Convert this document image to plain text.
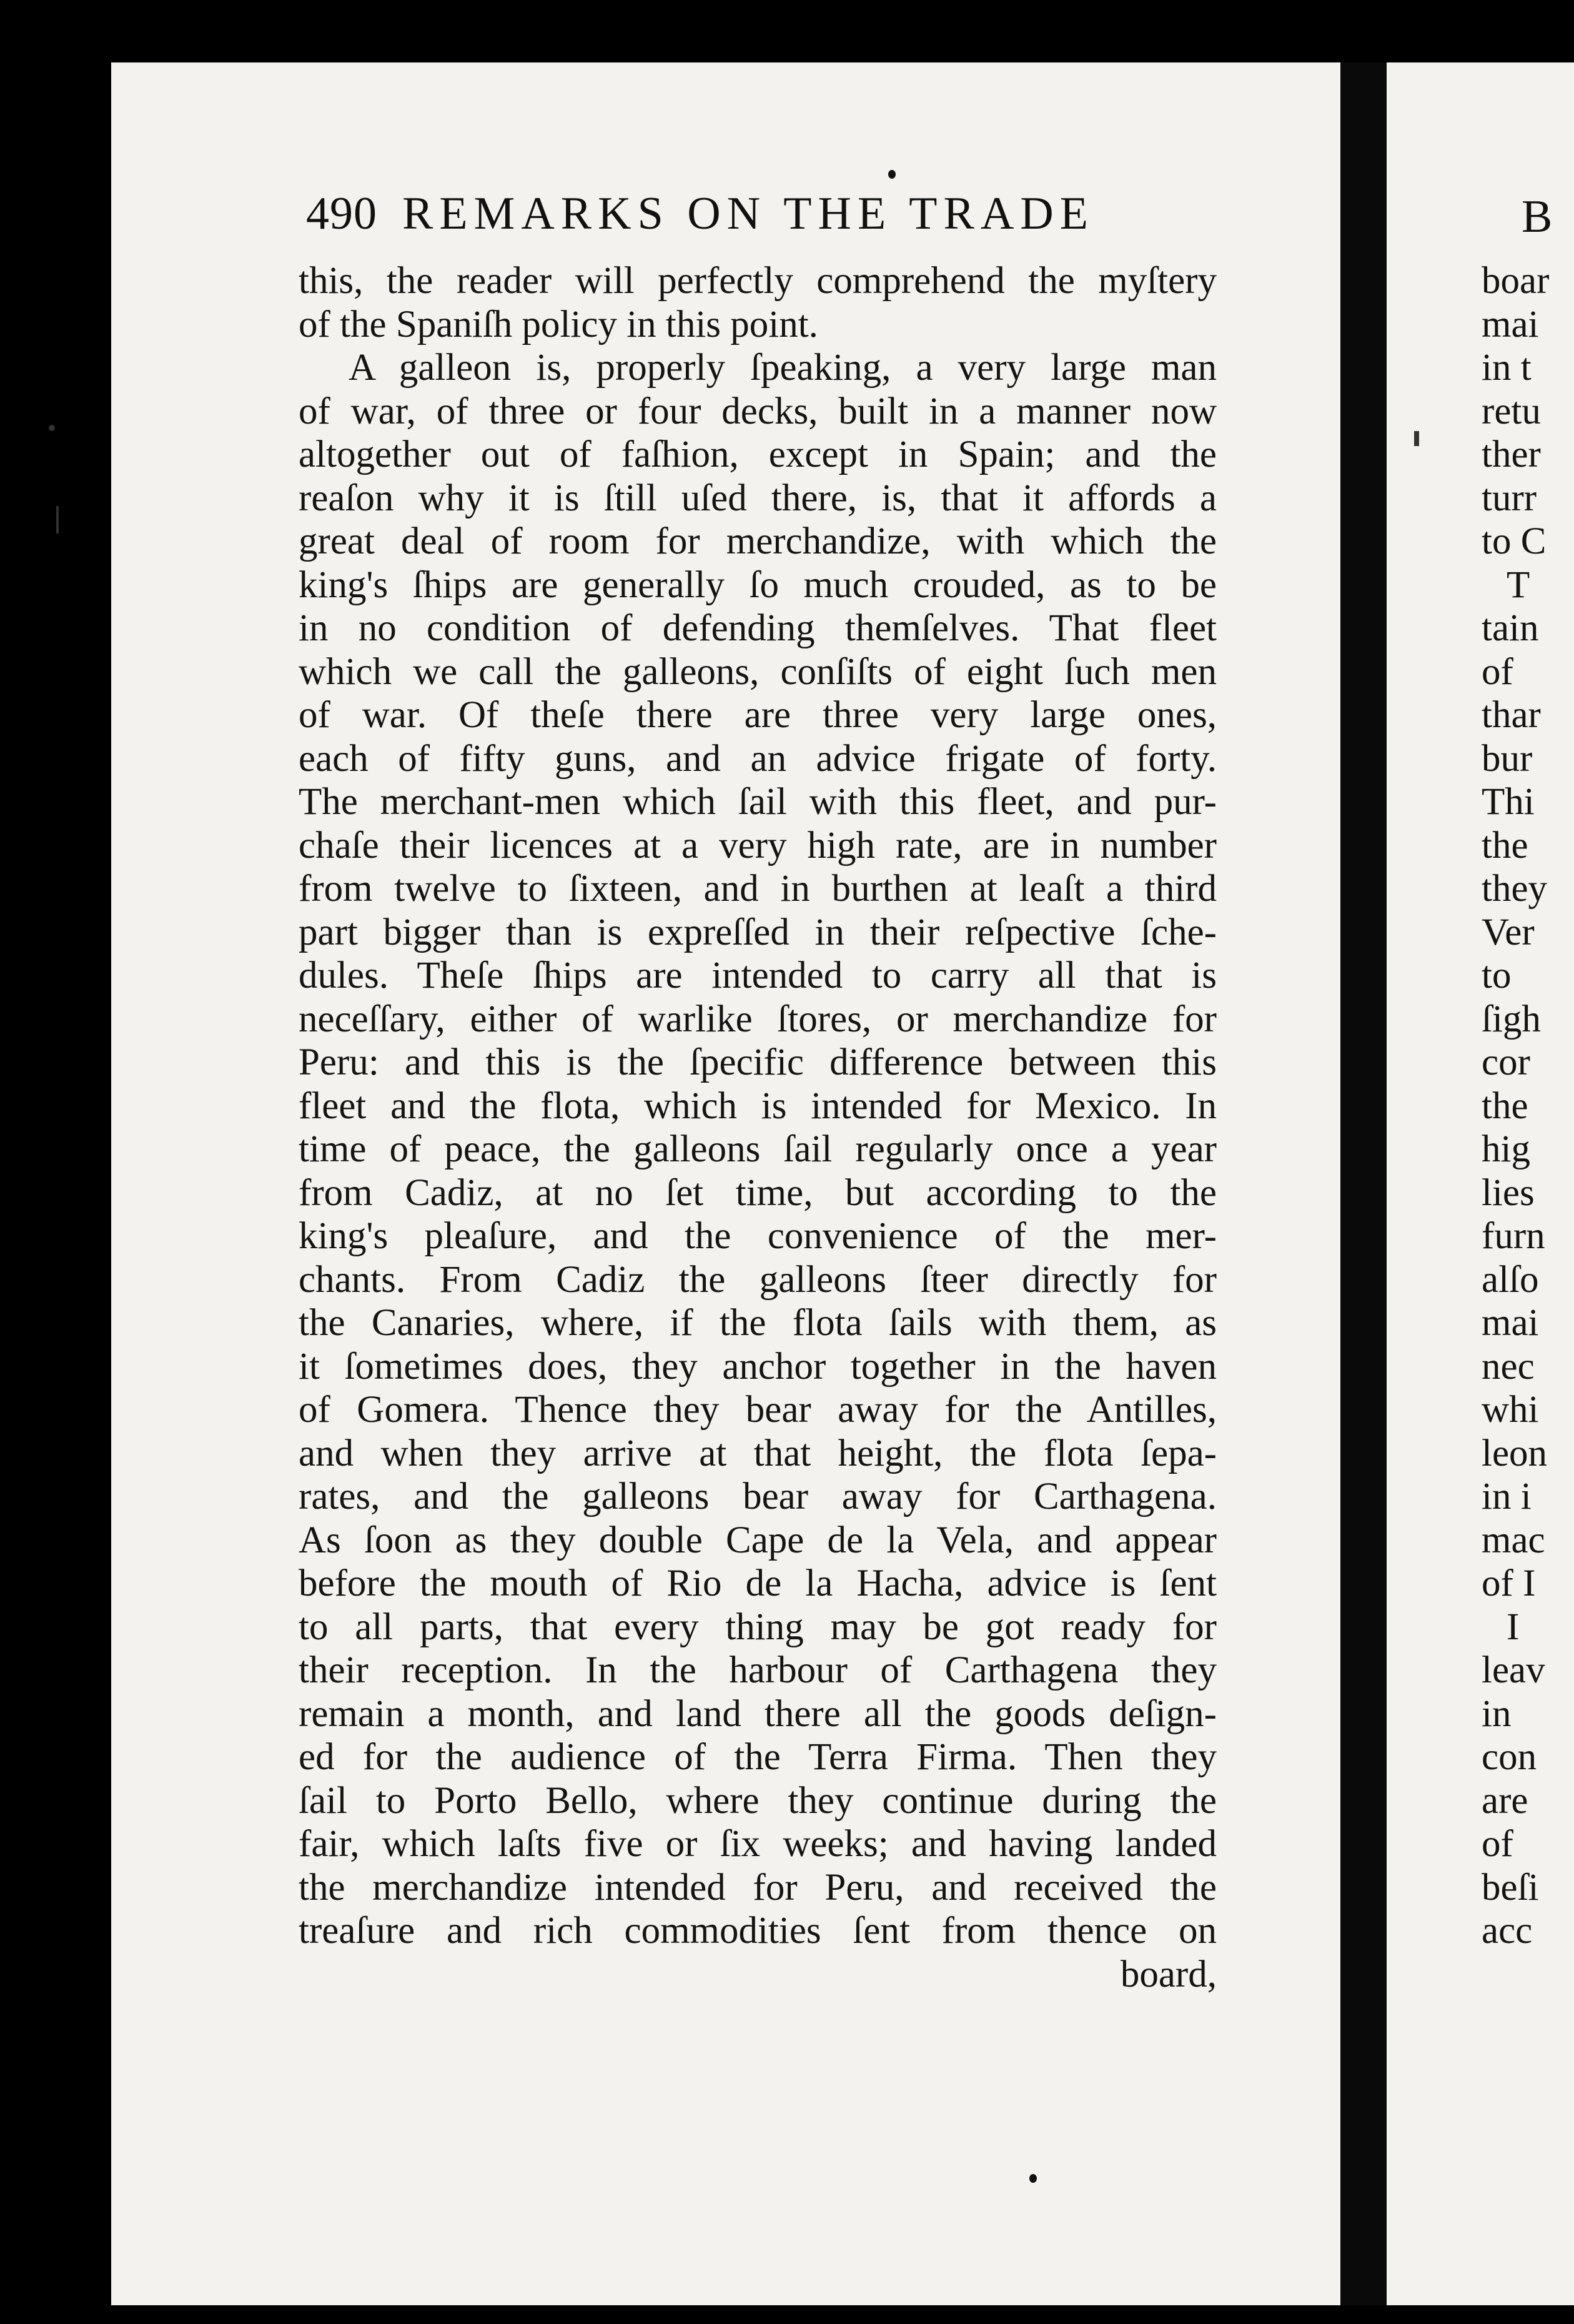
490 REMARKS ON THE TRADE
this, the reader will perfectly comprehend the myſtery
of the Spaniſh policy in this point.
A galleon is, properly ſpeaking, a very large man
of war, of three or four decks, built in a manner now
altogether out of faſhion, except in Spain; and the
reaſon why it is ſtill uſed there, is, that it affords a
great deal of room for merchandize, with which the
king's ſhips are generally ſo much crouded, as to be
in no condition of defending themſelves. That fleet
which we call the galleons, conſiſts of eight ſuch men
of war. Of theſe there are three very large ones,
each of fifty guns, and an advice frigate of forty.
The merchant-men which ſail with this fleet, and pur-
chaſe their licences at a very high rate, are in number
from twelve to ſixteen, and in burthen at leaſt a third
part bigger than is expreſſed in their reſpective ſche-
dules. Theſe ſhips are intended to carry all that is
neceſſary, either of warlike ſtores, or merchandize for
Peru: and this is the ſpecific difference between this
fleet and the flota, which is intended for Mexico. In
time of peace, the galleons ſail regularly once a year
from Cadiz, at no ſet time, but according to the
king's pleaſure, and the convenience of the mer-
chants. From Cadiz the galleons ſteer directly for
the Canaries, where, if the flota ſails with them, as
it ſometimes does, they anchor together in the haven
of Gomera. Thence they bear away for the Antilles,
and when they arrive at that height, the flota ſepa-
rates, and the galleons bear away for Carthagena.
As ſoon as they double Cape de la Vela, and appear
before the mouth of Rio de la Hacha, advice is ſent
to all parts, that every thing may be got ready for
their reception. In the harbour of Carthagena they
remain a month, and land there all the goods deſign-
ed for the audience of the Terra Firma. Then they
ſail to Porto Bello, where they continue during the
fair, which laſts five or ſix weeks; and having landed
the merchandize intended for Peru, and received the
treaſure and rich commodities ſent from thence on
board,
B
boar
mai
in t
retu
ther
turr
to C
T
tain
of
thar
bur
Thi
the
they
Ver
to
ſigh
cor
the
hig
lies
furn
alſo
mai
nec
whi
leon
in i
mac
of I
I
leav
in
con
are
of
beſi
acc
